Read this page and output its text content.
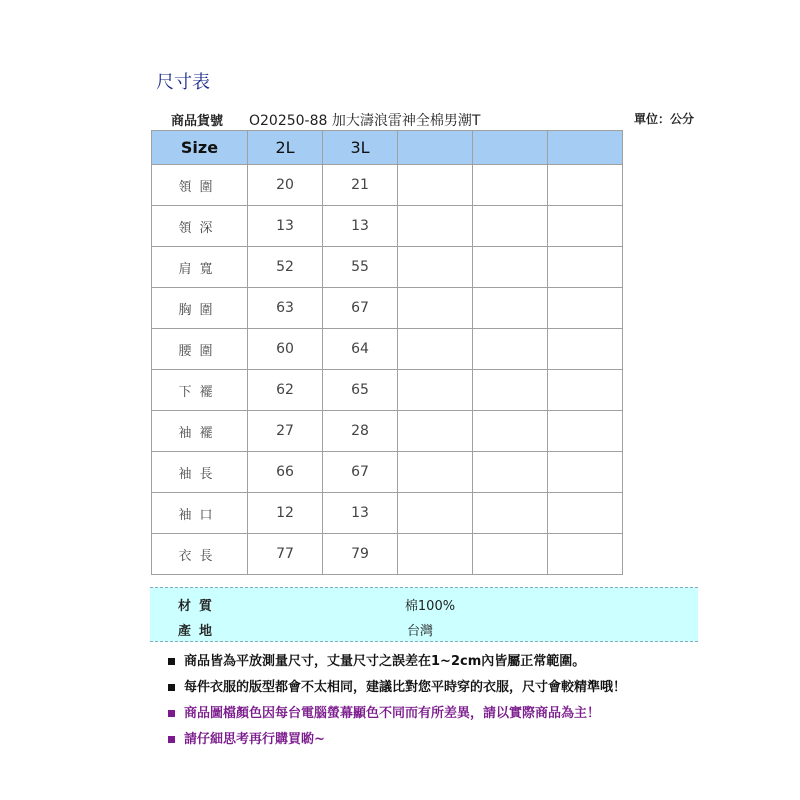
尺寸表
商品貨號 O20250-88 加大濤浪雷神全棉男潮T	單位：公分
Size	2L	3L			
領圍	20	21			
領深	13	13			
肩寬	52	55			
胸圍	63	67			
腰圍	60	64			
下襬	62	65			
袖襬	27	28			
袖長	66	67			
袖口	12	13			
衣長	77	79			
材質	棉100%
產地	台灣
商品皆為平放測量尺寸，丈量尺寸之誤差在1~2cm內皆屬正常範圍。
每件衣服的版型都會不太相同，建議比對您平時穿的衣服，尺寸會較精準哦！
商品圖檔顏色因每台電腦螢幕顯色不同而有所差異，請以實際商品為主！
請仔細思考再行購買喲~
